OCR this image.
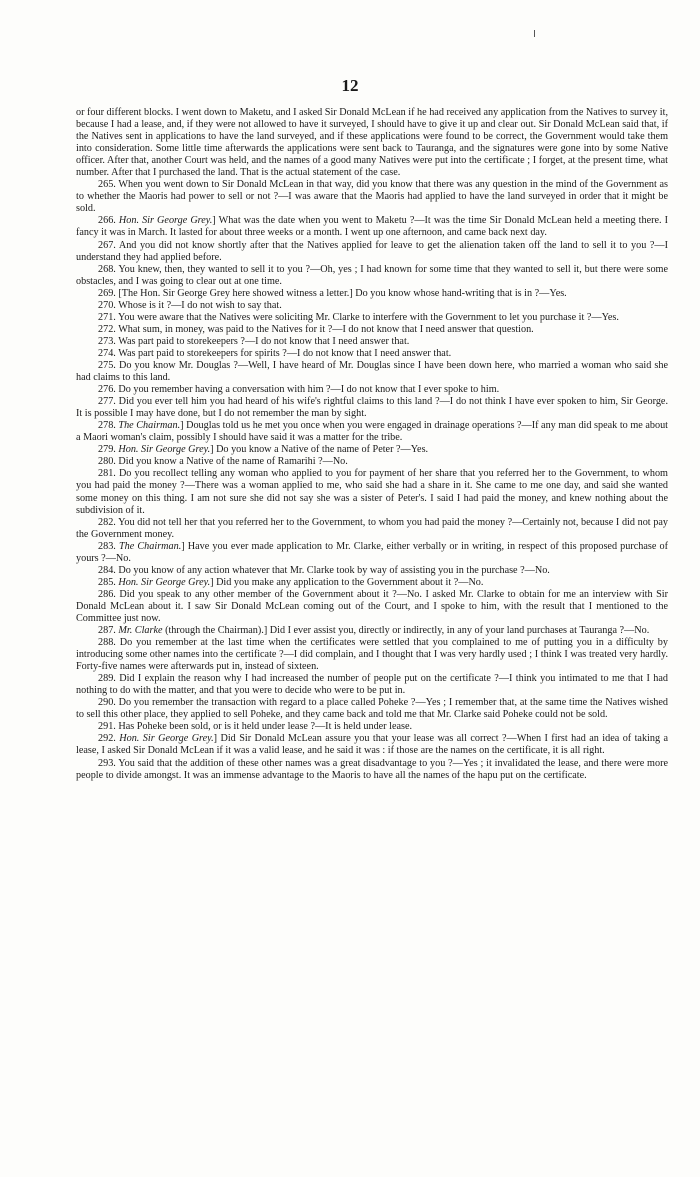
12

or four different blocks. I went down to Maketu, and I asked Sir Donald McLean if he had received any application from the Natives to survey it, because I had a lease, and, if they were not allowed to have it surveyed, I should have to give it up and clear out. Sir Donald McLean said that, if the Natives sent in applications to have the land surveyed, and if these applications were found to be correct, the Government would take them into consideration. Some little time afterwards the applications were sent back to Tauranga, and the signatures were gone into by some Native officer. After that, another Court was held, and the names of a good many Natives were put into the certificate ; I forget, at the present time, what number. After that I purchased the land. That is the actual statement of the case.

265. When you went down to Sir Donald McLean in that way, did you know that there was any question in the mind of the Government as to whether the Maoris had power to sell or not ?—I was aware that the Maoris had applied to have the land surveyed in order that it might be sold.

266. Hon. Sir George Grey.] What was the date when you went to Maketu ?—It was the time Sir Donald McLean held a meeting there. I fancy it was in March. It lasted for about three weeks or a month. I went up one afternoon, and came back next day.

267. And you did not know shortly after that the Natives applied for leave to get the alienation taken off the land to sell it to you ?—I understand they had applied before.

268. You knew, then, they wanted to sell it to you ?—Oh, yes ; I had known for some time that they wanted to sell it, but there were some obstacles, and I was going to clear out at one time.

269. [The Hon. Sir George Grey here showed witness a letter.] Do you know whose hand-writing that is in ?—Yes.

270. Whose is it ?—I do not wish to say that.

271. You were aware that the Natives were soliciting Mr. Clarke to interfere with the Government to let you purchase it ?—Yes.

272. What sum, in money, was paid to the Natives for it ?—I do not know that I need answer that question.

273. Was part paid to storekeepers ?—I do not know that I need answer that.

274. Was part paid to storekeepers for spirits ?—I do not know that I need answer that.

275. Do you know Mr. Douglas ?—Well, I have heard of Mr. Douglas since I have been down here, who married a woman who said she had claims to this land.

276. Do you remember having a conversation with him ?—I do not know that I ever spoke to him.

277. Did you ever tell him you had heard of his wife's rightful claims to this land ?—I do not think I have ever spoken to him, Sir George. It is possible I may have done, but I do not remember the man by sight.

278. The Chairman.] Douglas told us he met you once when you were engaged in drainage operations ?—If any man did speak to me about a Maori woman's claim, possibly I should have said it was a matter for the tribe.

279. Hon. Sir George Grey.] Do you know a Native of the name of Peter ?—Yes.

280. Did you know a Native of the name of Ramarihi ?—No.

281. Do you recollect telling any woman who applied to you for payment of her share that you referred her to the Government, to whom you had paid the money ?—There was a woman applied to me, who said she had a share in it. She came to me one day, and said she wanted some money on this thing. I am not sure she did not say she was a sister of Peter's. I said I had paid the money, and knew nothing about the subdivision of it.

282. You did not tell her that you referred her to the Government, to whom you had paid the money ?—Certainly not, because I did not pay the Government money.

283. The Chairman.] Have you ever made application to Mr. Clarke, either verbally or in writing, in respect of this proposed purchase of yours ?—No.

284. Do you know of any action whatever that Mr. Clarke took by way of assisting you in the purchase ?—No.

285. Hon. Sir George Grey.] Did you make any application to the Government about it ?—No.

286. Did you speak to any other member of the Government about it ?—No. I asked Mr. Clarke to obtain for me an interview with Sir Donald McLean about it. I saw Sir Donald McLean coming out of the Court, and I spoke to him, with the result that I mentioned to the Committee just now.

287. Mr. Clarke (through the Chairman).] Did I ever assist you, directly or indirectly, in any of your land purchases at Tauranga ?—No.

288. Do you remember at the last time when the certificates were settled that you complained to me of putting you in a difficulty by introducing some other names into the certificate ?—I did complain, and I thought that I was very hardly used ; I think I was treated very hardly. Forty-five names were afterwards put in, instead of sixteen.

289. Did I explain the reason why I had increased the number of people put on the certificate ?—I think you intimated to me that I had nothing to do with the matter, and that you were to decide who were to be put in.

290. Do you remember the transaction with regard to a place called Poheke ?—Yes ; I remember that, at the same time the Natives wished to sell this other place, they applied to sell Poheke, and they came back and told me that Mr. Clarke said Poheke could not be sold.

291. Has Poheke been sold, or is it held under lease ?—It is held under lease.

292. Hon. Sir George Grey.] Did Sir Donald McLean assure you that your lease was all correct ?—When I first had an idea of taking a lease, I asked Sir Donald McLean if it was a valid lease, and he said it was : if those are the names on the certificate, it is all right.

293. You said that the addition of these other names was a great disadvantage to you ?—Yes ; it invalidated the lease, and there were more people to divide amongst. It was an immense advantage to the Maoris to have all the names of the hapu put on the certificate.
